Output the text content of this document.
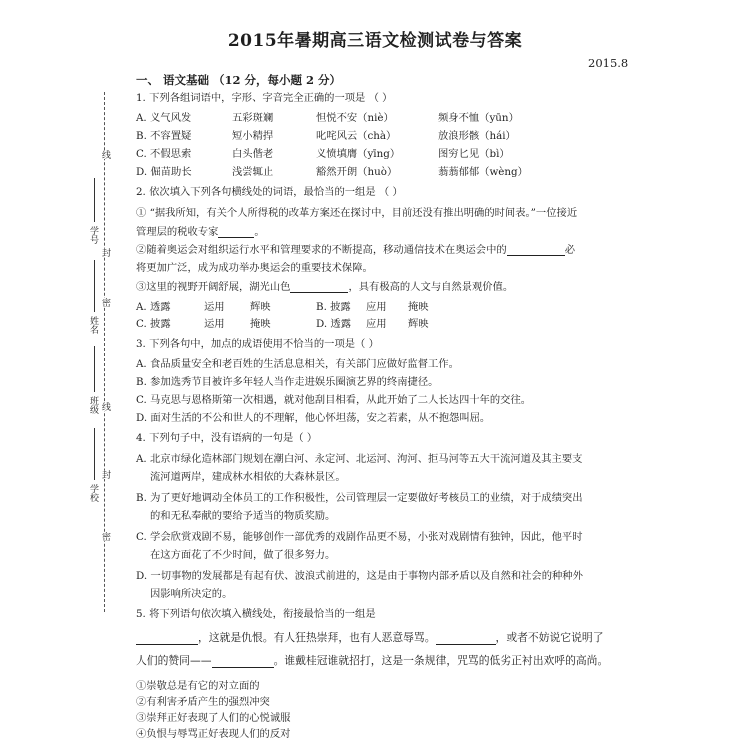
2015年暑期高三语文检测试卷与答案
2015.8
一、 语文基础 （12 分，每小题 2 分）
学号
姓名
班级
学校
线
封
密
线
封
密
1. 下列各组词语中，字形、字音完全正确的一项是 （ ）
A. 义气风发	五彩斑斓	怛悦不安（niè）	频身不恤（yūn）
B. 不容置疑	短小精捍	叱咤风云（chà）	放浪形骸（hái）
C. 不假思索	白头偕老	义愤填膺（yīng）	图穷匕见（bì）
D. 倔苗助长	浅尝辄止	豁然开朗（huò）	蓊蓊郁郁（wèng）
2. 依次填入下列各句横线处的词语，最恰当的一组是 （ ）
① “据我所知，有关个人所得税的改革方案还在探讨中，目前还没有推出明确的时间表。”一位接近
管理层的税收专家	。
②随着奥运会对组织运行水平和管理要求的不断提高，移动通信技术在奥运会中的	必
将更加广泛，成为成功举办奥运会的重要技术保障。
③这里的视野开阔舒展，湖光山色	，具有极高的人文与自然景观价值。
A. 透露	运用 辉映	B. 披露 应用 掩映
C. 披露	运用 掩映	D. 透露 应用 辉映
3. 下列各句中，加点的成语使用不恰当的一项是（ ）
A. 食品质量安全和老百姓的生活息息相关，有关部门应做好监督工作。
B. 参加选秀节目被许多年轻人当作走进娱乐圈演艺界的终南捷径。
C. 马克思与恩格斯第一次相遇，就对他刮目相看，从此开始了二人长达四十年的交往。
D. 面对生活的不公和世人的不理解，他心怀坦荡，安之若素，从不抱怨叫屈。
4. 下列句子中，没有语病的一句是（ ）
A. 北京市绿化造林部门规划在潮白河、永定河、北运河、泃河、拒马河等五大干流河道及其主要支
流河道两岸，建成林水相依的大森林景区。
B. 为了更好地调动全体员工的工作积极性，公司管理层一定要做好考核员工的业绩，对于成绩突出
的和无私奉献的要给予适当的物质奖励。
C. 学会欣赏戏剧不易，能够创作一部优秀的戏剧作品更不易，小张对戏剧情有独钟，因此，他平时
在这方面花了不少时间，做了很多努力。
D. 一切事物的发展都是有起有伏、波浪式前进的，这是由于事物内部矛盾以及自然和社会的种种外
因影响所决定的。
5. 将下列语句依次填入横线处，衔接最恰当的一组是
，这就是仇恨。有人狂热崇拜，也有人恶意辱骂。	，或者不妨说它说明了
人们的赞同——	。谁戴桂冠谁就招打，这是一条规律，咒骂的低劣正衬出欢呼的高尚。
①崇敬总是有它的对立面的
②有利害矛盾产生的强烈冲突
③崇拜正好表现了人们的心悦诚服
④负恨与辱骂正好表现人们的反对
